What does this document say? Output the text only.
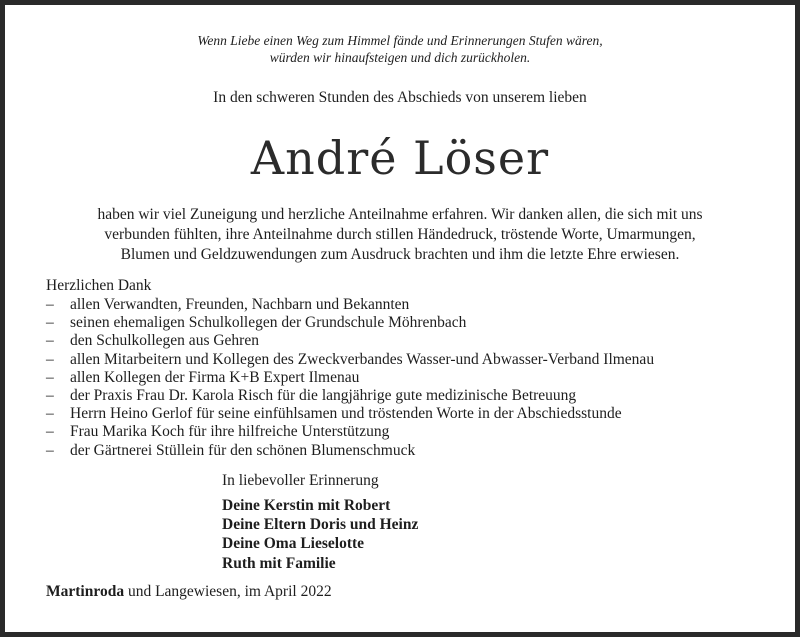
Wenn Liebe einen Weg zum Himmel fände und Erinnerungen Stufen wären,
würden wir hinaufsteigen und dich zurückholen.
In den schweren Stunden des Abschieds von unserem lieben
André Löser
haben wir viel Zuneigung und herzliche Anteilnahme erfahren. Wir danken allen, die sich mit uns
verbunden fühlten, ihre Anteilnahme durch stillen Händedruck, tröstende Worte, Umarmungen,
Blumen und Geldzuwendungen zum Ausdruck brachten und ihm die letzte Ehre erwiesen.
Herzlichen Dank
–	allen Verwandten, Freunden, Nachbarn und Bekannten
–	seinen ehemaligen Schulkollegen der Grundschule Möhrenbach
–	den Schulkollegen aus Gehren
–	allen Mitarbeitern und Kollegen des Zweckverbandes Wasser-und Abwasser-Verband Ilmenau
–	allen Kollegen der Firma K+B Expert Ilmenau
–	der Praxis Frau Dr. Karola Risch für die langjährige gute medizinische Betreuung
–	Herrn Heino Gerlof für seine einfühlsamen und tröstenden Worte in der Abschiedsstunde
–	Frau Marika Koch für ihre hilfreiche Unterstützung
–	der Gärtnerei Stüllein für den schönen Blumenschmuck
In liebevoller Erinnerung
Deine Kerstin mit Robert
Deine Eltern Doris und Heinz
Deine Oma Lieselotte
Ruth mit Familie
Martinroda und Langewiesen, im April 2022
